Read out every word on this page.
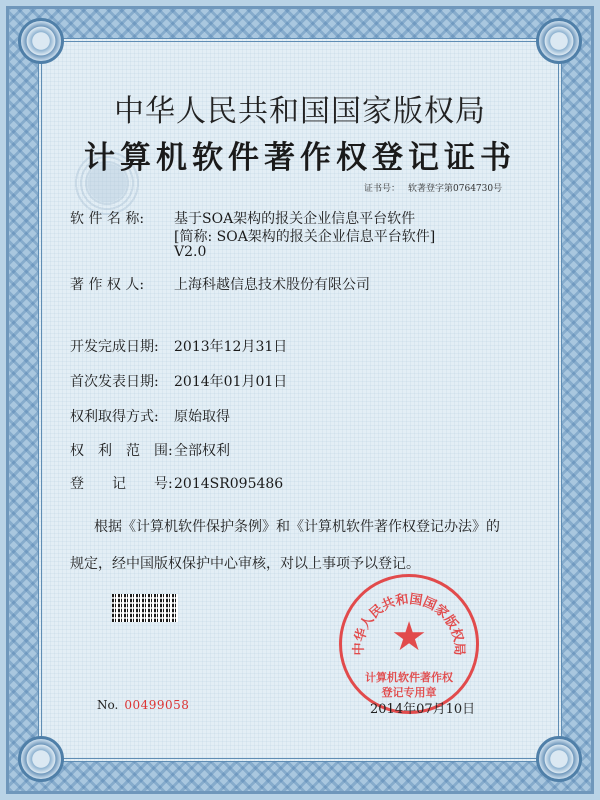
中华人民共和国国家版权局
计算机软件著作权登记证书
证书号： 软著登字第0764730号
软 件 名 称: 基于SOA架构的报关企业信息平台软件
[简称: SOA架构的报关企业信息平台软件]
V2.0
著 作 权 人: 上海科越信息技术股份有限公司
开发完成日期: 2013年12月31日
首次发表日期: 2014年01月01日
权利取得方式: 原始取得
权　利　范　围:全部权利
登　　记　　号:2014SR095486
根据《计算机软件保护条例》和《计算机软件著作权登记办法》的
规定，经中国版权保护中心审核，对以上事项予以登记。
No. 00499058
中华人民共和国国家版权局
★
计算机软件著作权
登记专用章
2014年07月10日
